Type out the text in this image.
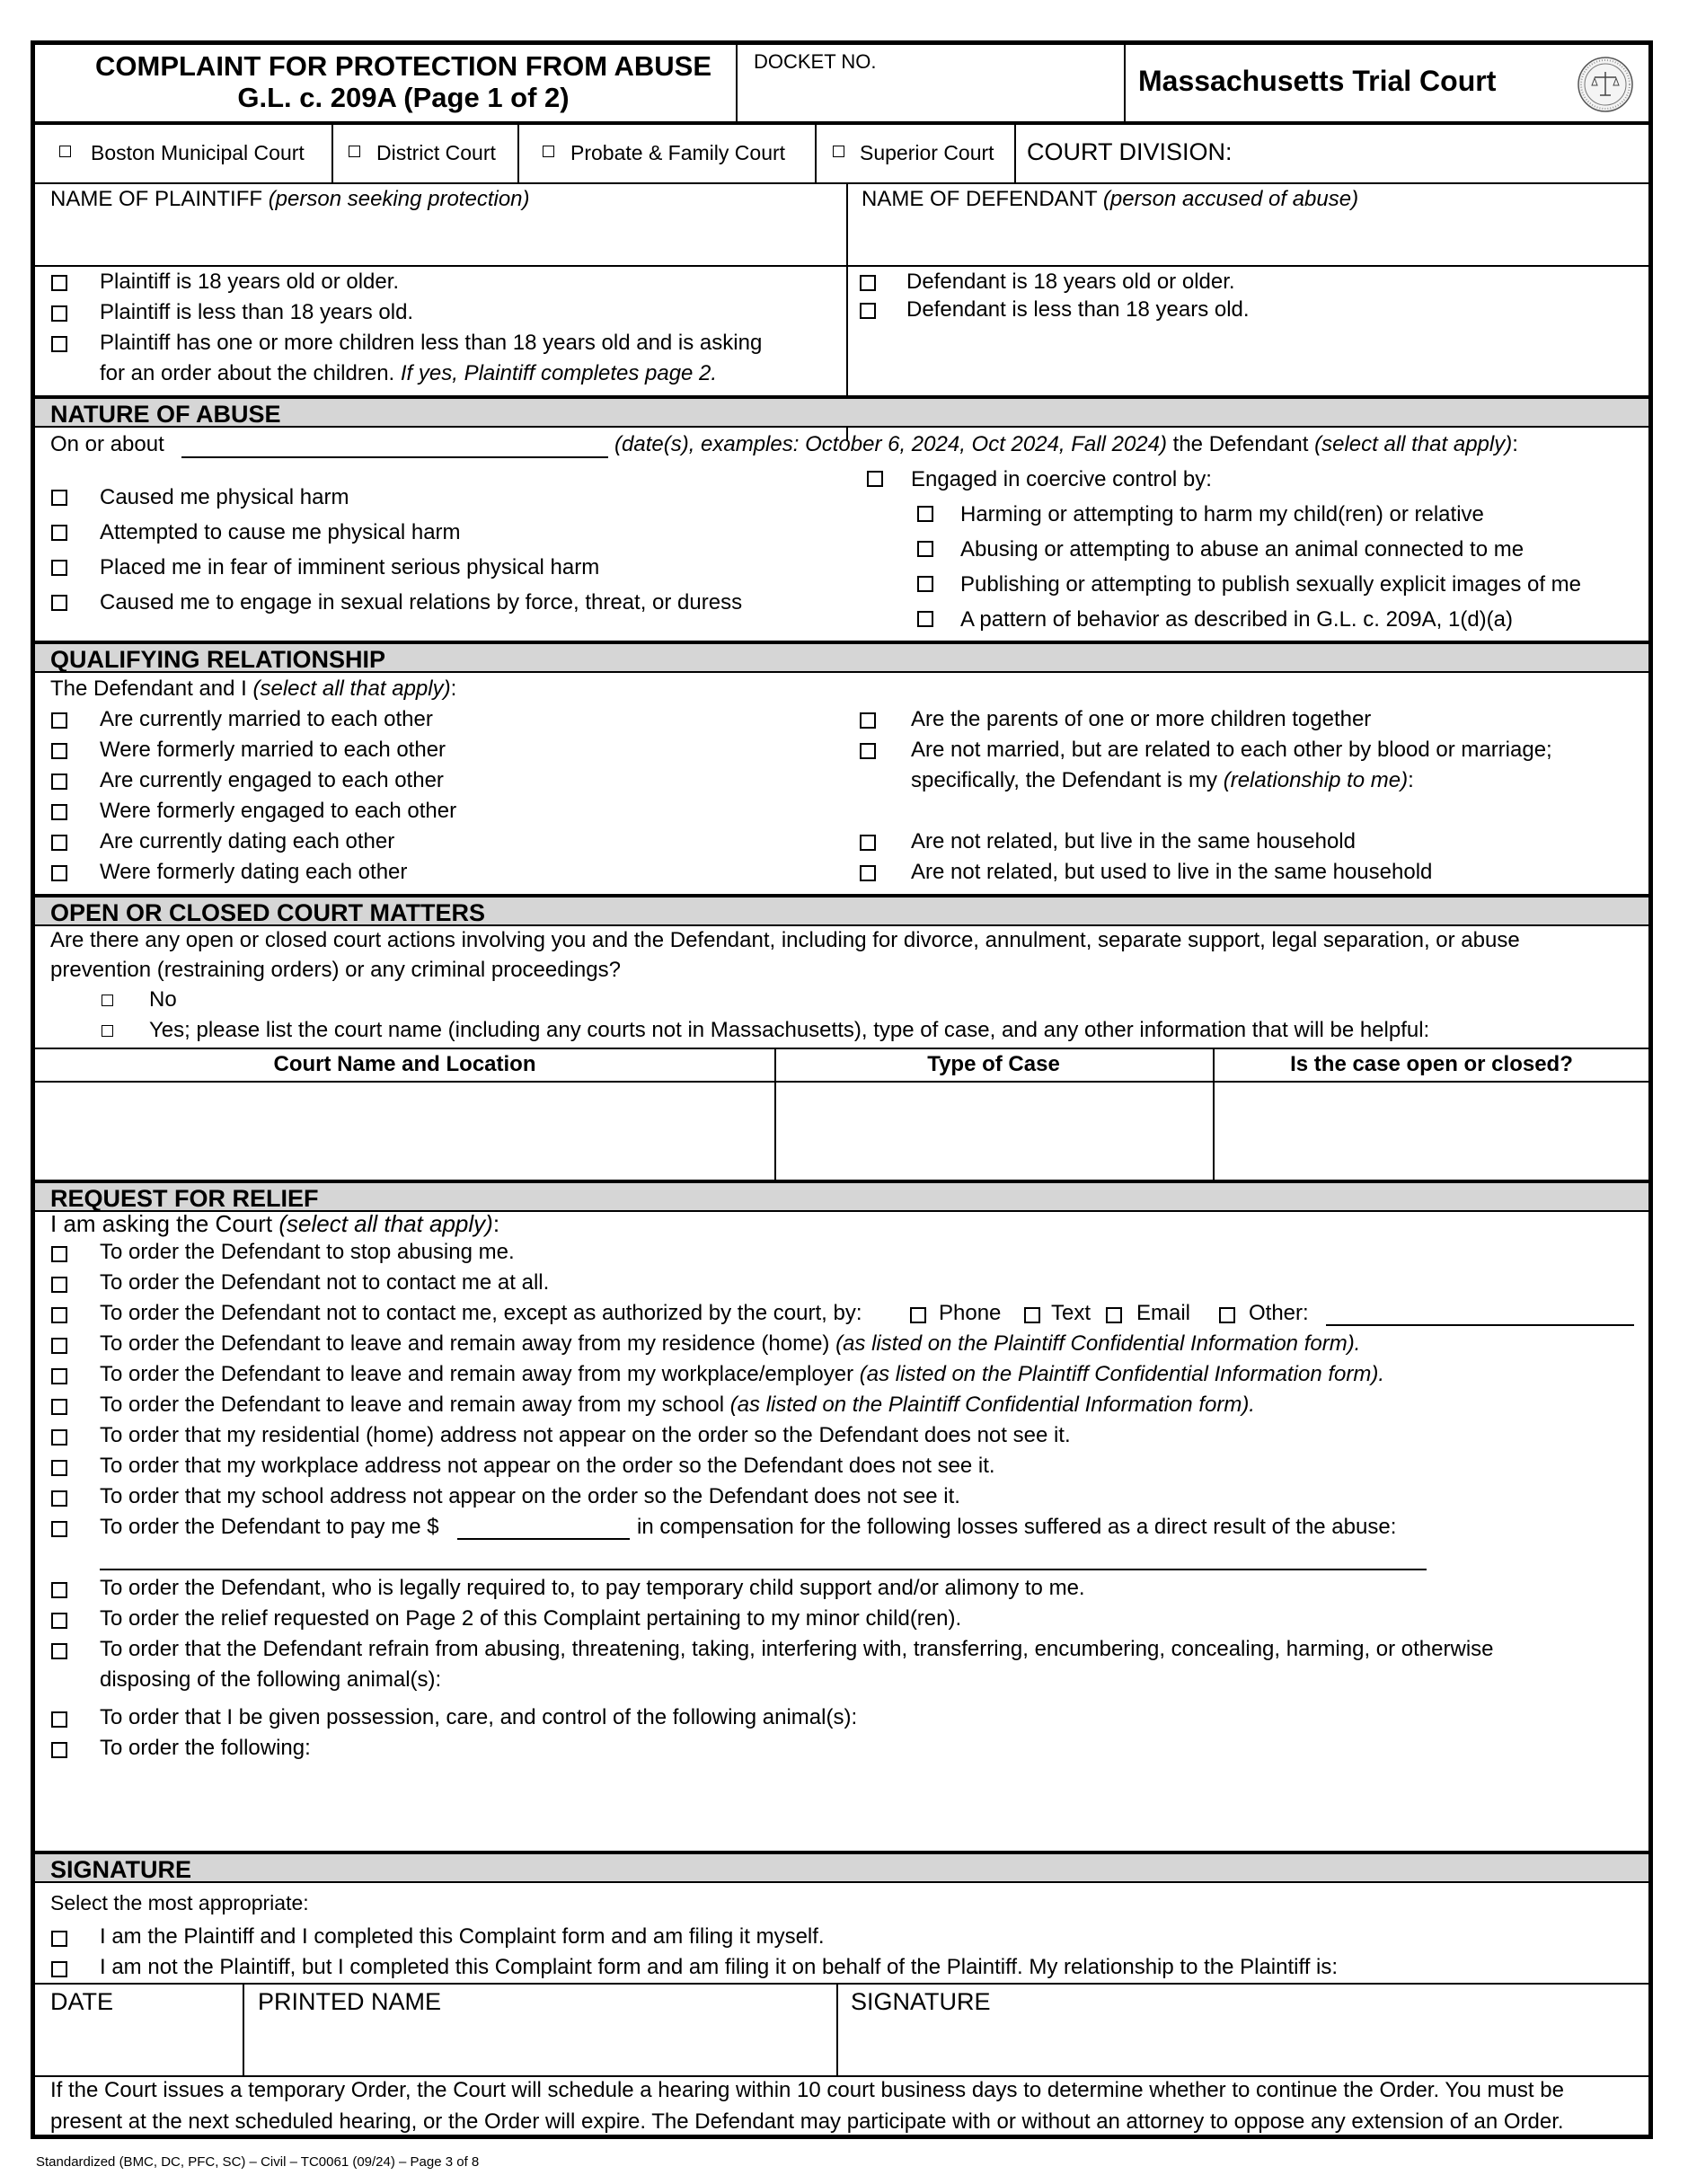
COMPLAINT FOR PROTECTION FROM ABUSE
G.L. c. 209A (Page 1 of 2)
DOCKET NO.
Massachusetts Trial Court
Boston Municipal Court	District Court	Probate & Family Court	Superior Court COURT DIVISION:
NAME OF PLAINTIFF (person seeking protection)	NAME OF DEFENDANT (person accused of abuse)
Plaintiff is 18 years old or older.
Plaintiff is less than 18 years old.
Plaintiff has one or more children less than 18 years old and is asking
for an order about the children. If yes, Plaintiff completes page 2.
Defendant is 18 years old or older.
Defendant is less than 18 years old.
NATURE OF ABUSE
On or about	(date(s), examples: October 6, 2024, Oct 2024, Fall 2024) the Defendant (select all that apply):
Caused me physical harm
Attempted to cause me physical harm
Placed me in fear of imminent serious physical harm
Caused me to engage in sexual relations by force, threat, or duress
Engaged in coercive control by:
Harming or attempting to harm my child(ren) or relative
Abusing or attempting to abuse an animal connected to me
Publishing or attempting to publish sexually explicit images of me
A pattern of behavior as described in G.L. c. 209A, 1(d)(a)
QUALIFYING RELATIONSHIP
The Defendant and I (select all that apply):
Are currently married to each other
Were formerly married to each other
Are currently engaged to each other
Were formerly engaged to each other
Are currently dating each other
Were formerly dating each other
Are the parents of one or more children together
Are not married, but are related to each other by blood or marriage;
specifically, the Defendant is my (relationship to me):
Are not related, but live in the same household
Are not related, but used to live in the same household
OPEN OR CLOSED COURT MATTERS
Are there any open or closed court actions involving you and the Defendant, including for divorce, annulment, separate support, legal separation, or abuse
prevention (restraining orders) or any criminal proceedings?
No
Yes; please list the court name (including any courts not in Massachusetts), type of case, and any other information that will be helpful:
Court Name and Location	Type of Case	Is the case open or closed?
REQUEST FOR RELIEF
I am asking the Court (select all that apply):
To order the Defendant to stop abusing me.
To order the Defendant not to contact me at all.
To order the Defendant not to contact me, except as authorized by the court, by:	Phone Text Email	Other:
To order the Defendant to leave and remain away from my residence (home) (as listed on the Plaintiff Confidential Information form).
To order the Defendant to leave and remain away from my workplace/employer (as listed on the Plaintiff Confidential Information form).
To order the Defendant to leave and remain away from my school (as listed on the Plaintiff Confidential Information form).
To order that my residential (home) address not appear on the order so the Defendant does not see it.
To order that my workplace address not appear on the order so the Defendant does not see it.
To order that my school address not appear on the order so the Defendant does not see it.
To order the Defendant to pay me $	in compensation for the following losses suffered as a direct result of the abuse:
To order the Defendant, who is legally required to, to pay temporary child support and/or alimony to me.
To order the relief requested on Page 2 of this Complaint pertaining to my minor child(ren).
To order that the Defendant refrain from abusing, threatening, taking, interfering with, transferring, encumbering, concealing, harming, or otherwise
disposing of the following animal(s):
To order that I be given possession, care, and control of the following animal(s):
To order the following:
SIGNATURE
Select the most appropriate:
I am the Plaintiff and I completed this Complaint form and am filing it myself.
I am not the Plaintiff, but I completed this Complaint form and am filing it on behalf of the Plaintiff. My relationship to the Plaintiff is:
DATE	PRINTED NAME	SIGNATURE
If the Court issues a temporary Order, the Court will schedule a hearing within 10 court business days to determine whether to continue the Order. You must be
present at the next scheduled hearing, or the Order will expire. The Defendant may participate with or without an attorney to oppose any extension of an Order.
Standardized (BMC, DC, PFC, SC) – Civil – TC0061 (09/24) – Page 3 of 8
